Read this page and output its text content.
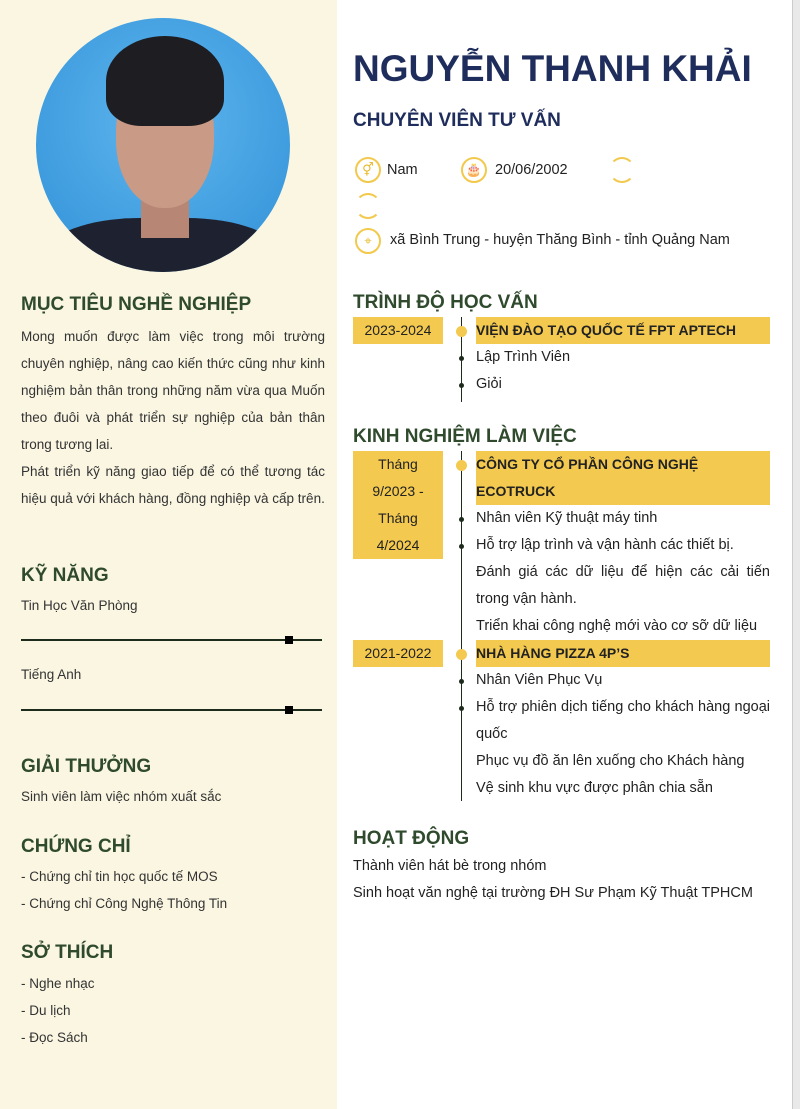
MỤC TIÊU NGHỀ NGHIỆP
Mong muốn được làm việc trong môi trường chuyên nghiệp, nâng cao kiến thức cũng như kinh nghiệm bản thân trong những năm vừa qua Muốn theo đuôi và phát triển sự nghiệp của bản thân trong tương lai.
Phát triển kỹ năng giao tiếp để có thể tương tác hiệu quả với khách hàng, đồng nghiệp và cấp trên.
KỸ NĂNG
Tin Học Văn Phòng
Tiếng Anh
GIẢI THƯỞNG
Sinh viên làm việc nhóm xuất sắc
CHỨNG CHỈ
- Chứng chỉ tin học quốc tế MOS
- Chứng chỉ Công Nghệ Thông Tin
SỞ THÍCH
- Nghe nhạc
- Du lịch
- Đọc Sách
NGUYỄN THANH KHẢI
CHUYÊN VIÊN TƯ VẤN
⚥ Nam	🎂 20/06/2002
⌖	xã Bình Trung - huyện Thăng Bình - tỉnh Quảng Nam
TRÌNH ĐỘ HỌC VẤN
2023-2024	VIỆN ĐÀO TẠO QUỐC TẾ FPT APTECH
Lập Trình Viên
Giỏi
KINH NGHIỆM LÀM VIỆC
Tháng 9/2023 - Tháng 4/2024
CÔNG TY CỔ PHẦN CÔNG NGHỆ ECOTRUCK
Nhân viên Kỹ thuật máy tinh
Hỗ trợ lập trình và vận hành các thiết bị.
Đánh giá các dữ liệu để hiện các cải tiến trong vận hành.
Triển khai công nghệ mới vào cơ sỡ dữ liệu
2021-2022	NHÀ HÀNG PIZZA 4P’S
Nhân Viên Phục Vụ
Hỗ trợ phiên dịch tiếng cho khách hàng ngoại quốc
Phục vụ đồ ăn lên xuống cho Khách hàng
Vệ sinh khu vực được phân chia sẵn
HOẠT ĐỘNG
Thành viên hát bè trong nhóm
Sinh hoạt văn nghệ tại trường ĐH Sư Phạm Kỹ Thuật TPHCM
